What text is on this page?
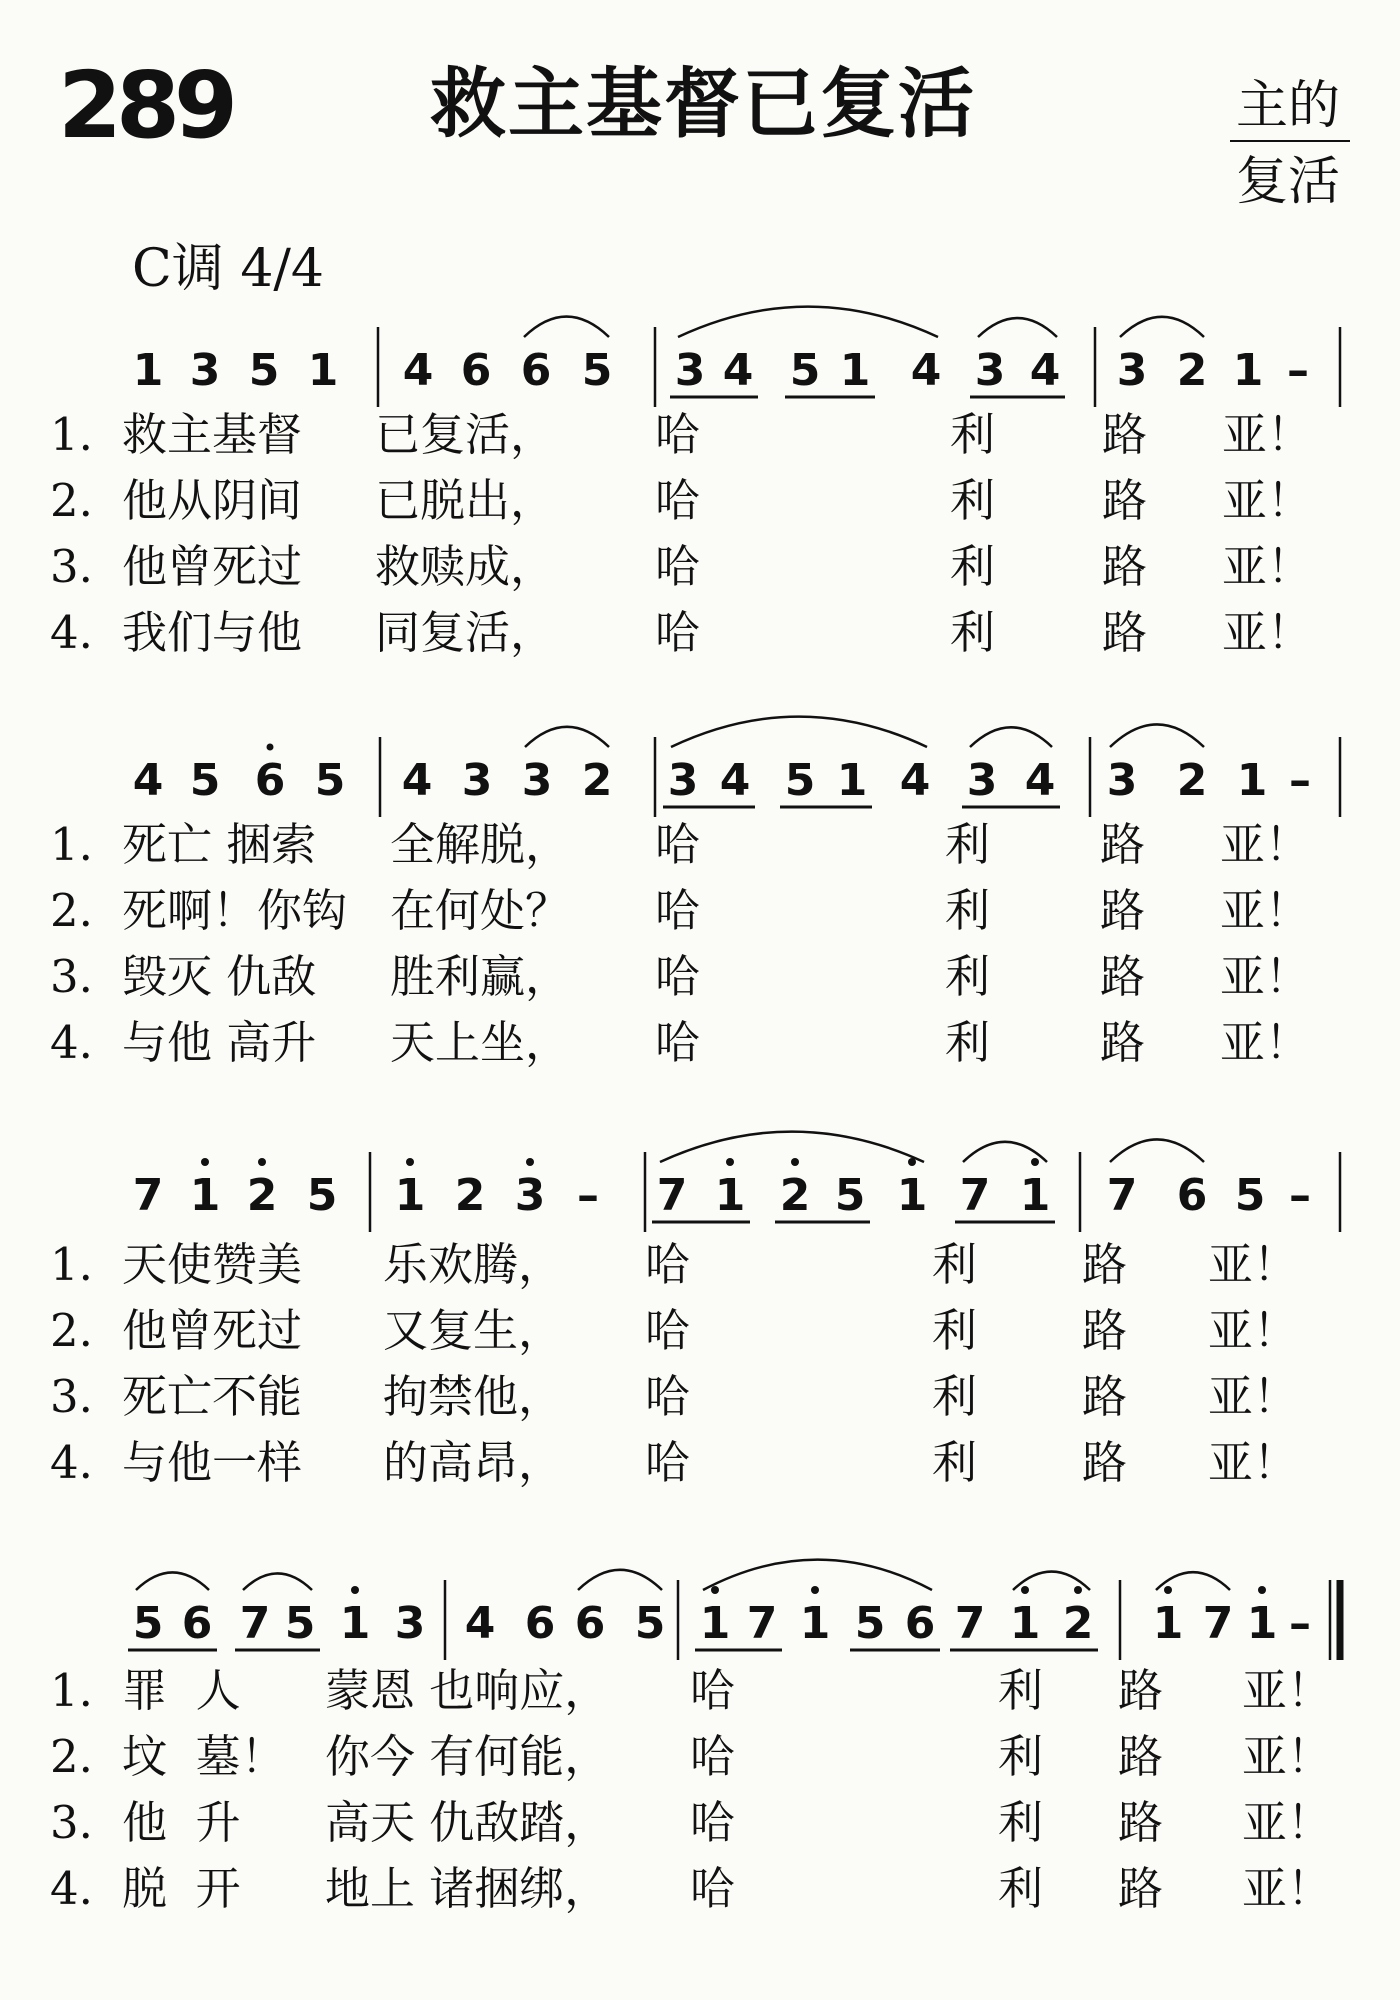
289	救主基督已复活	主的
复活
C调 4/4
1 3 5 1 4 6 6 5 3 4 5 1 4 3 4 3 2 1 –
4 5 6 5 4 3 3 2 3 4 5 1 4 3 4 3 2 1 –
7 1 2 5 1 2 3 – 7 1 2 5 1 7 1 7 6 5 –
5 6 7 5 1 3 4 6 6 5 1 7 1 5 6 7 1 2 1 7 1 –
1. 救主基督 已复活， 哈	利 路 亚！
2. 他从阴间 已脱出， 哈	利 路 亚！
3. 他曾死过 救赎成， 哈	利 路 亚！
4. 我们与他 同复活， 哈	利 路 亚！
1. 死亡 捆索 全解脱， 哈	利 路 亚！
2. 死啊！你钩 在何处？ 哈	利 路 亚！
3. 毁灭 仇敌 胜利赢， 哈	利 路 亚！
4. 与他 高升 天上坐， 哈	利 路 亚！
1. 天使赞美 乐欢腾， 哈	利 路 亚！
2. 他曾死过 又复生， 哈	利 路 亚！
3. 死亡不能 拘禁他， 哈	利 路 亚！
4. 与他一样 的高昂， 哈	利 路 亚！
1. 罪  人 蒙恩 也响应， 哈	利 路 亚！
2. 坟  墓！ 你今 有何能， 哈	利 路 亚！
3. 他  升 高天 仇敌踏， 哈	利 路 亚！
4. 脱  开 地上 诸捆绑， 哈	利 路 亚！
